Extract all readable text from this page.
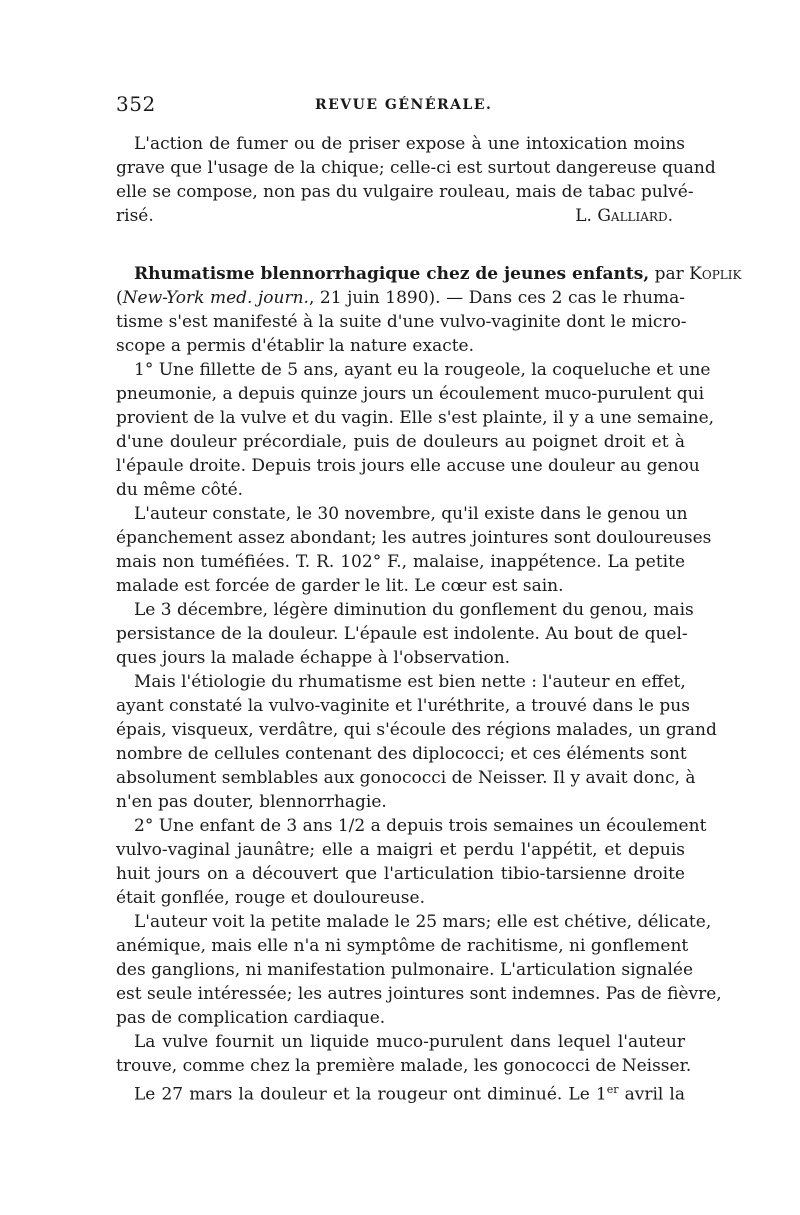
352	REVUE GÉNÉRALE.
L'action de fumer ou de priser expose à une intoxication moins
grave que l'usage de la chique; celle-ci est surtout dangereuse quand
elle se compose, non pas du vulgaire rouleau, mais de tabac pulvé-
risé.	L. Galliard.
Rhumatisme blennorrhagique chez de jeunes enfants, par Koplik
(New-York med. journ., 21 juin 1890). — Dans ces 2 cas le rhuma-
tisme s'est manifesté à la suite d'une vulvo-vaginite dont le micro-
scope a permis d'établir la nature exacte.
1° Une fillette de 5 ans, ayant eu la rougeole, la coqueluche et une
pneumonie, a depuis quinze jours un écoulement muco-purulent qui
provient de la vulve et du vagin. Elle s'est plainte, il y a une semaine,
d'une douleur précordiale, puis de douleurs au poignet droit et à
l'épaule droite. Depuis trois jours elle accuse une douleur au genou
du même côté.
L'auteur constate, le 30 novembre, qu'il existe dans le genou un
épanchement assez abondant; les autres jointures sont douloureuses
mais non tuméfiées. T. R. 102° F., malaise, inappétence. La petite
malade est forcée de garder le lit. Le cœur est sain.
Le 3 décembre, légère diminution du gonflement du genou, mais
persistance de la douleur. L'épaule est indolente. Au bout de quel-
ques jours la malade échappe à l'observation.
Mais l'étiologie du rhumatisme est bien nette : l'auteur en effet,
ayant constaté la vulvo-vaginite et l'uréthrite, a trouvé dans le pus
épais, visqueux, verdâtre, qui s'écoule des régions malades, un grand
nombre de cellules contenant des diplococci; et ces éléments sont
absolument semblables aux gonococci de Neisser. Il y avait donc, à
n'en pas douter, blennorrhagie.
2° Une enfant de 3 ans 1/2 a depuis trois semaines un écoulement
vulvo-vaginal jaunâtre; elle a maigri et perdu l'appétit, et depuis
huit jours on a découvert que l'articulation tibio-tarsienne droite
était gonflée, rouge et douloureuse.
L'auteur voit la petite malade le 25 mars; elle est chétive, délicate,
anémique, mais elle n'a ni symptôme de rachitisme, ni gonflement
des ganglions, ni manifestation pulmonaire. L'articulation signalée
est seule intéressée; les autres jointures sont indemnes. Pas de fièvre,
pas de complication cardiaque.
La vulve fournit un liquide muco-purulent dans lequel l'auteur
trouve, comme chez la première malade, les gonococci de Neisser.
Le 27 mars la douleur et la rougeur ont diminué. Le 1er avril la
